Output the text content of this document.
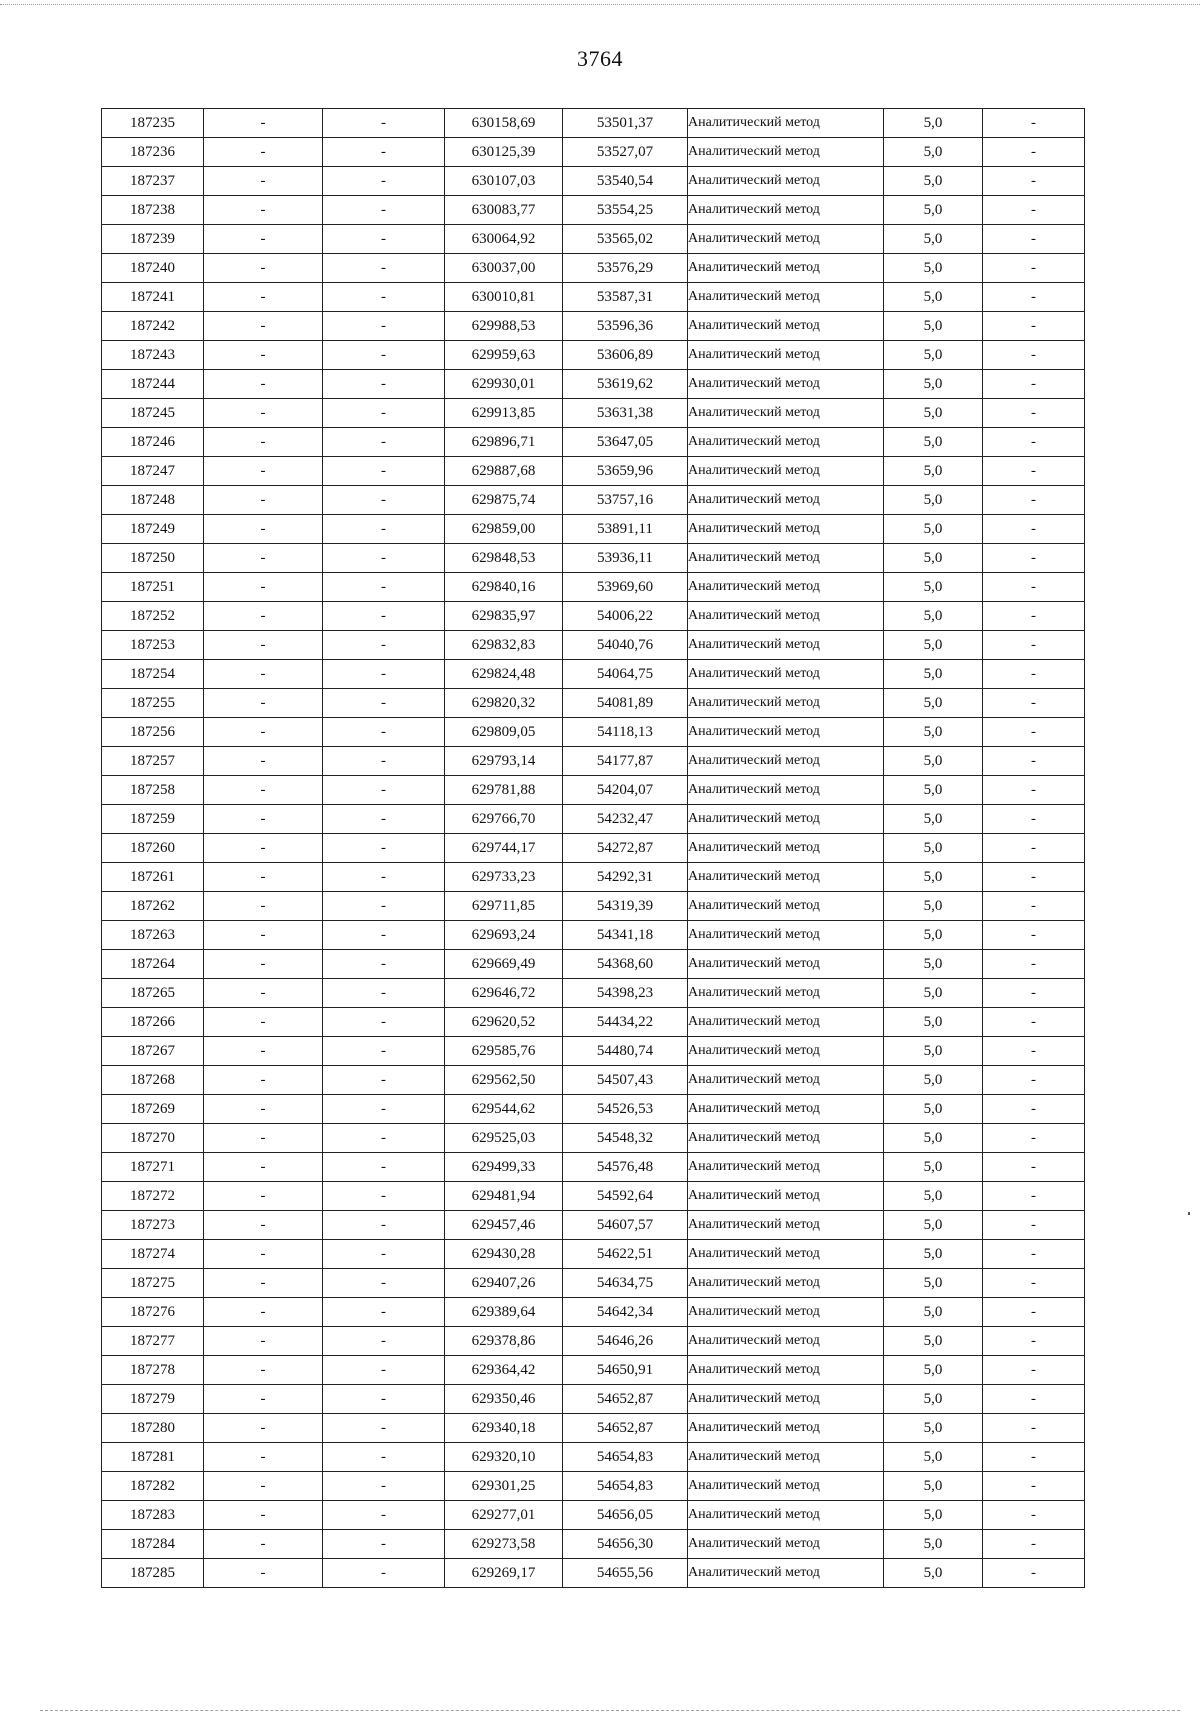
3764
187235	-	-	630158,69	53501,37	Аналитический метод	5,0	-
187236	-	-	630125,39	53527,07	Аналитический метод	5,0	-
187237	-	-	630107,03	53540,54	Аналитический метод	5,0	-
187238	-	-	630083,77	53554,25	Аналитический метод	5,0	-
187239	-	-	630064,92	53565,02	Аналитический метод	5,0	-
187240	-	-	630037,00	53576,29	Аналитический метод	5,0	-
187241	-	-	630010,81	53587,31	Аналитический метод	5,0	-
187242	-	-	629988,53	53596,36	Аналитический метод	5,0	-
187243	-	-	629959,63	53606,89	Аналитический метод	5,0	-
187244	-	-	629930,01	53619,62	Аналитический метод	5,0	-
187245	-	-	629913,85	53631,38	Аналитический метод	5,0	-
187246	-	-	629896,71	53647,05	Аналитический метод	5,0	-
187247	-	-	629887,68	53659,96	Аналитический метод	5,0	-
187248	-	-	629875,74	53757,16	Аналитический метод	5,0	-
187249	-	-	629859,00	53891,11	Аналитический метод	5,0	-
187250	-	-	629848,53	53936,11	Аналитический метод	5,0	-
187251	-	-	629840,16	53969,60	Аналитический метод	5,0	-
187252	-	-	629835,97	54006,22	Аналитический метод	5,0	-
187253	-	-	629832,83	54040,76	Аналитический метод	5,0	-
187254	-	-	629824,48	54064,75	Аналитический метод	5,0	-
187255	-	-	629820,32	54081,89	Аналитический метод	5,0	-
187256	-	-	629809,05	54118,13	Аналитический метод	5,0	-
187257	-	-	629793,14	54177,87	Аналитический метод	5,0	-
187258	-	-	629781,88	54204,07	Аналитический метод	5,0	-
187259	-	-	629766,70	54232,47	Аналитический метод	5,0	-
187260	-	-	629744,17	54272,87	Аналитический метод	5,0	-
187261	-	-	629733,23	54292,31	Аналитический метод	5,0	-
187262	-	-	629711,85	54319,39	Аналитический метод	5,0	-
187263	-	-	629693,24	54341,18	Аналитический метод	5,0	-
187264	-	-	629669,49	54368,60	Аналитический метод	5,0	-
187265	-	-	629646,72	54398,23	Аналитический метод	5,0	-
187266	-	-	629620,52	54434,22	Аналитический метод	5,0	-
187267	-	-	629585,76	54480,74	Аналитический метод	5,0	-
187268	-	-	629562,50	54507,43	Аналитический метод	5,0	-
187269	-	-	629544,62	54526,53	Аналитический метод	5,0	-
187270	-	-	629525,03	54548,32	Аналитический метод	5,0	-
187271	-	-	629499,33	54576,48	Аналитический метод	5,0	-
187272	-	-	629481,94	54592,64	Аналитический метод	5,0	-
187273	-	-	629457,46	54607,57	Аналитический метод	5,0	-
187274	-	-	629430,28	54622,51	Аналитический метод	5,0	-
187275	-	-	629407,26	54634,75	Аналитический метод	5,0	-
187276	-	-	629389,64	54642,34	Аналитический метод	5,0	-
187277	-	-	629378,86	54646,26	Аналитический метод	5,0	-
187278	-	-	629364,42	54650,91	Аналитический метод	5,0	-
187279	-	-	629350,46	54652,87	Аналитический метод	5,0	-
187280	-	-	629340,18	54652,87	Аналитический метод	5,0	-
187281	-	-	629320,10	54654,83	Аналитический метод	5,0	-
187282	-	-	629301,25	54654,83	Аналитический метод	5,0	-
187283	-	-	629277,01	54656,05	Аналитический метод	5,0	-
187284	-	-	629273,58	54656,30	Аналитический метод	5,0	-
187285	-	-	629269,17	54655,56	Аналитический метод	5,0	-
